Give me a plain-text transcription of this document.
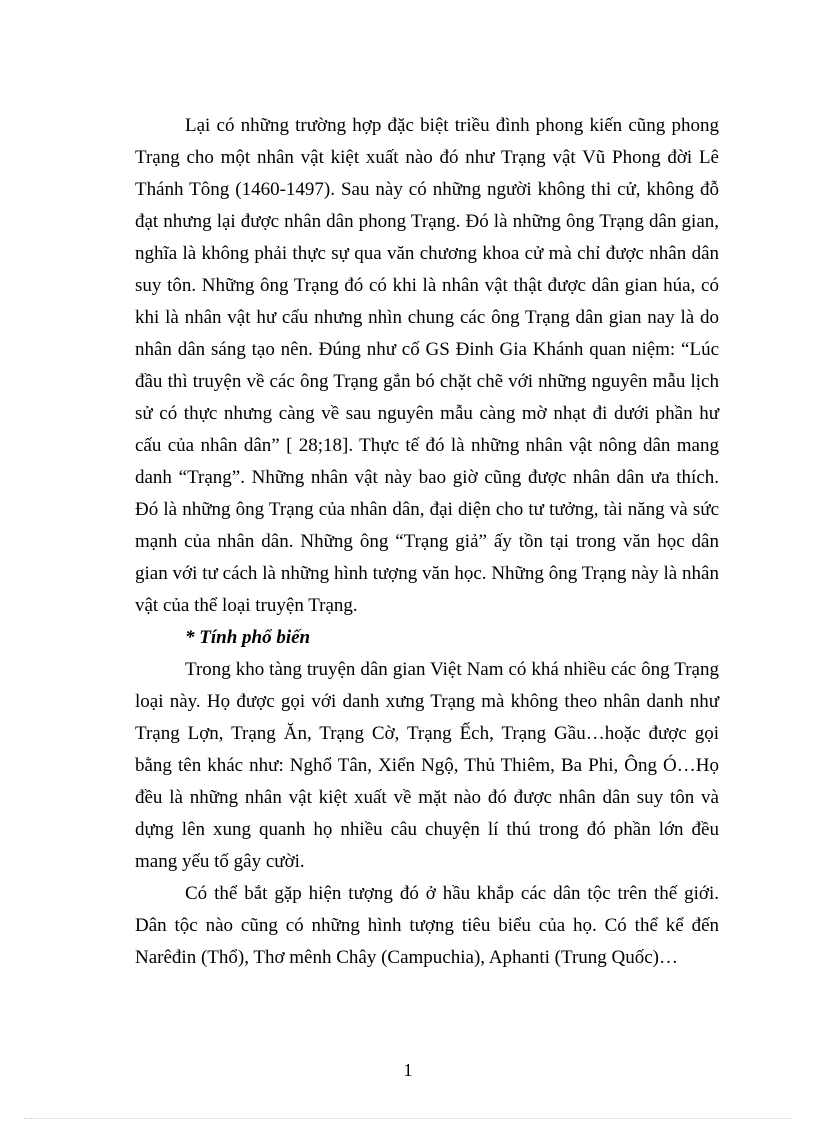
Lại có những trường hợp đặc biệt triều đình phong kiến cũng phong Trạng cho một nhân vật kiệt xuất nào đó như Trạng vật Vũ Phong đời Lê Thánh Tông (1460-1497). Sau này có những người không thi cử, không đỗ đạt nhưng lại được nhân dân phong Trạng. Đó là những ông Trạng dân gian, nghĩa là không phải thực sự qua văn chương khoa cử mà chỉ được nhân dân suy tôn. Những ông Trạng đó có khi là nhân vật thật được dân gian húa, có khi là nhân vật hư cấu nhưng nhìn chung các ông Trạng dân gian nay là do nhân dân sáng tạo nên. Đúng như cố GS Đinh Gia Khánh quan niệm: “Lúc đầu thì truyện về các ông Trạng gắn bó chặt chẽ với những nguyên mẫu lịch sử có thực nhưng càng về sau nguyên mẫu càng mờ nhạt đi dưới phần hư cấu của nhân dân” [ 28;18]. Thực tế đó là những nhân vật nông dân mang danh “Trạng”. Những nhân vật này bao giờ cũng được nhân dân ưa thích. Đó là những ông Trạng của nhân dân, đại diện cho tư tưởng, tài năng và sức mạnh của nhân dân. Những ông “Trạng giả” ấy tồn tại trong văn học dân gian với tư cách là những hình tượng văn học. Những ông Trạng này là nhân vật của thể loại truyện Trạng.

* Tính phổ biến

Trong kho tàng truyện dân gian Việt Nam có khá nhiều các ông Trạng loại này. Họ được gọi với danh xưng Trạng mà không theo nhân danh như Trạng Lợn, Trạng Ăn, Trạng Cờ, Trạng Ếch, Trạng Gầu…hoặc được gọi bằng tên khác như: Nghổ Tân, Xiển Ngộ, Thủ Thiêm, Ba Phi, Ông Ó…Họ đều là những nhân vật kiệt xuất về mặt nào đó được nhân dân suy tôn và dựng lên xung quanh họ nhiều câu chuyện lí thú trong đó phần lớn đều mang yếu tố gây cười.

Có thể bắt gặp hiện tượng đó ở hầu khắp các dân tộc trên thế giới. Dân tộc nào cũng có những hình tượng tiêu biểu của họ. Có thể kể đến Narêđin (Thổ), Thơ mênh Chây (Campuchia), Aphanti (Trung Quốc)…

1
